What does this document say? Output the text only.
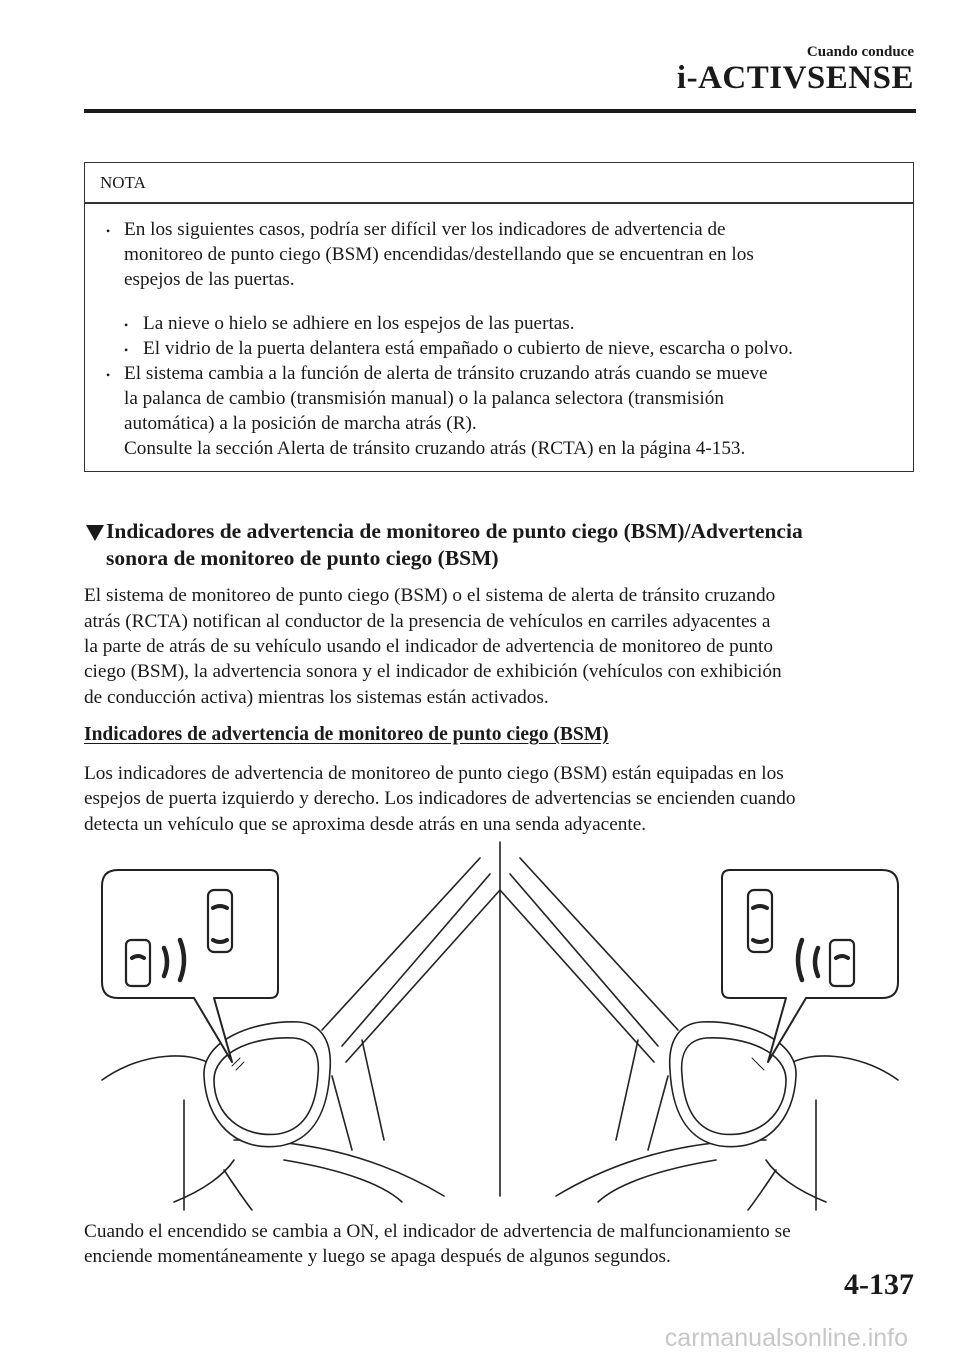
Cuando conduce
i-ACTIVSENSE
NOTA
• En los siguientes casos, podría ser difícil ver los indicadores de advertencia de
monitoreo de punto ciego (BSM) encendidas/destellando que se encuentran en los
espejos de las puertas.
• La nieve o hielo se adhiere en los espejos de las puertas.
• El vidrio de la puerta delantera está empañado o cubierto de nieve, escarcha o polvo.
• El sistema cambia a la función de alerta de tránsito cruzando atrás cuando se mueve
la palanca de cambio (transmisión manual) o la palanca selectora (transmisión
automática) a la posición de marcha atrás (R).
Consulte la sección Alerta de tránsito cruzando atrás (RCTA) en la página 4-153.
Indicadores de advertencia de monitoreo de punto ciego (BSM)/Advertencia
sonora de monitoreo de punto ciego (BSM)
El sistema de monitoreo de punto ciego (BSM) o el sistema de alerta de tránsito cruzando
atrás (RCTA) notifican al conductor de la presencia de vehículos en carriles adyacentes a
la parte de atrás de su vehículo usando el indicador de advertencia de monitoreo de punto
ciego (BSM), la advertencia sonora y el indicador de exhibición (vehículos con exhibición
de conducción activa) mientras los sistemas están activados.
Indicadores de advertencia de monitoreo de punto ciego (BSM)
Los indicadores de advertencia de monitoreo de punto ciego (BSM) están equipadas en los
espejos de puerta izquierdo y derecho. Los indicadores de advertencias se encienden cuando
detecta un vehículo que se aproxima desde atrás en una senda adyacente.
Cuando el encendido se cambia a ON, el indicador de advertencia de malfuncionamiento se
enciende momentáneamente y luego se apaga después de algunos segundos.
4-137
carmanualsonline.info
